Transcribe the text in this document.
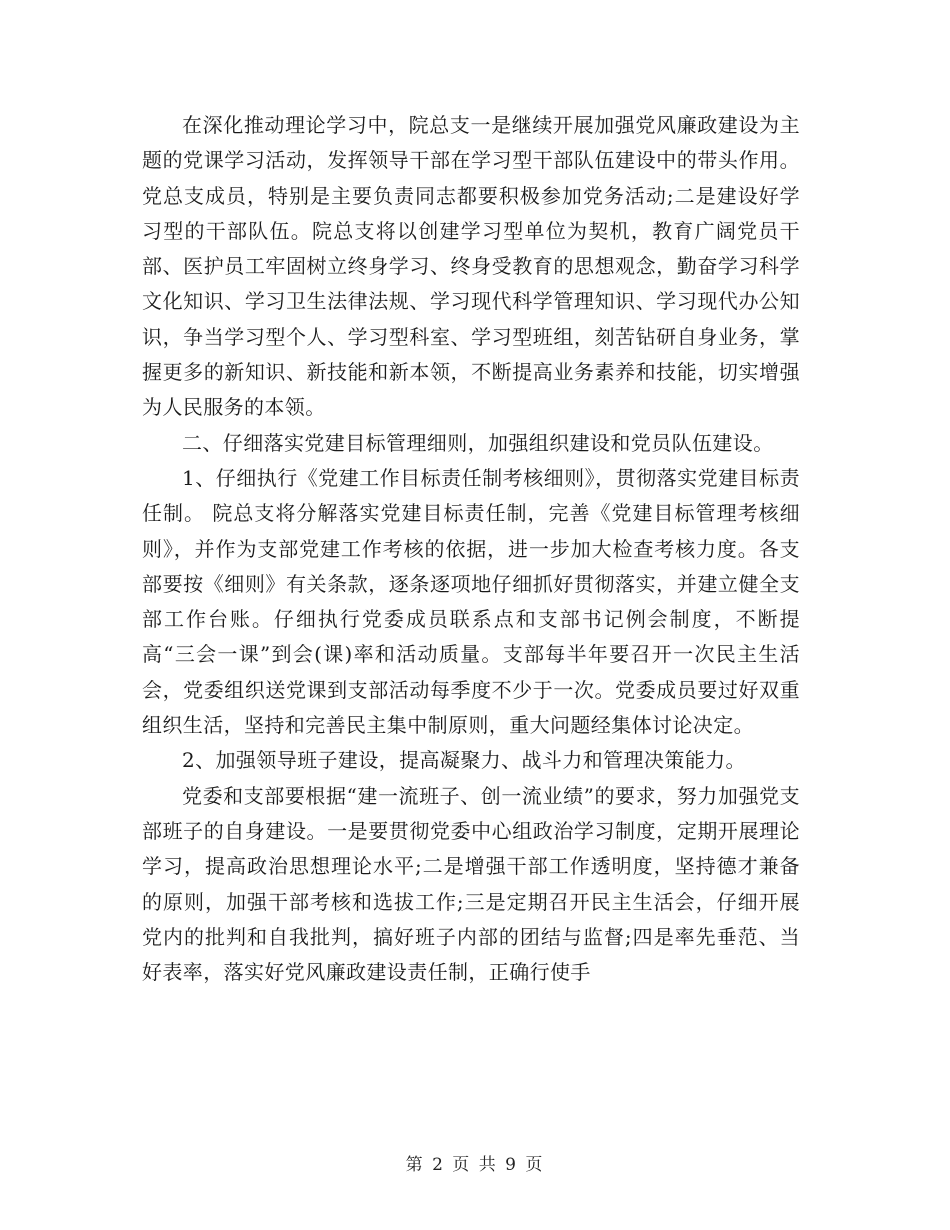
在深化推动理论学习中，院总支一是继续开展加强党风廉政建设为主题的党课学习活动，发挥领导干部在学习型干部队伍建设中的带头作用。党总支成员，特别是主要负责同志都要积极参加党务活动;二是建设好学习型的干部队伍。院总支将以创建学习型单位为契机，教育广阔党员干部、医护员工牢固树立终身学习、终身受教育的思想观念，勤奋学习科学文化知识、学习卫生法律法规、学习现代科学管理知识、学习现代办公知识，争当学习型个人、学习型科室、学习型班组，刻苦钻研自身业务，掌握更多的新知识、新技能和新本领，不断提高业务素养和技能，切实增强为人民服务的本领。

二、仔细落实党建目标管理细则，加强组织建设和党员队伍建设。

1、仔细执行《党建工作目标责任制考核细则》，贯彻落实党建目标责任制。 院总支将分解落实党建目标责任制，完善《党建目标管理考核细则》，并作为支部党建工作考核的依据，进一步加大检查考核力度。各支部要按《细则》有关条款，逐条逐项地仔细抓好贯彻落实，并建立健全支部工作台账。仔细执行党委成员联系点和支部书记例会制度，不断提高“三会一课”到会(课)率和活动质量。支部每半年要召开一次民主生活会，党委组织送党课到支部活动每季度不少于一次。党委成员要过好双重组织生活，坚持和完善民主集中制原则，重大问题经集体讨论决定。

2、加强领导班子建设，提高凝聚力、战斗力和管理决策能力。

党委和支部要根据“建一流班子、创一流业绩”的要求，努力加强党支部班子的自身建设。一是要贯彻党委中心组政治学习制度，定期开展理论学习，提高政治思想理论水平;二是增强干部工作透明度，坚持德才兼备的原则，加强干部考核和选拔工作;三是定期召开民主生活会，仔细开展党内的批判和自我批判，搞好班子内部的团结与监督;四是率先垂范、当好表率，落实好党风廉政建设责任制，正确行使手

第 2 页 共 9 页
